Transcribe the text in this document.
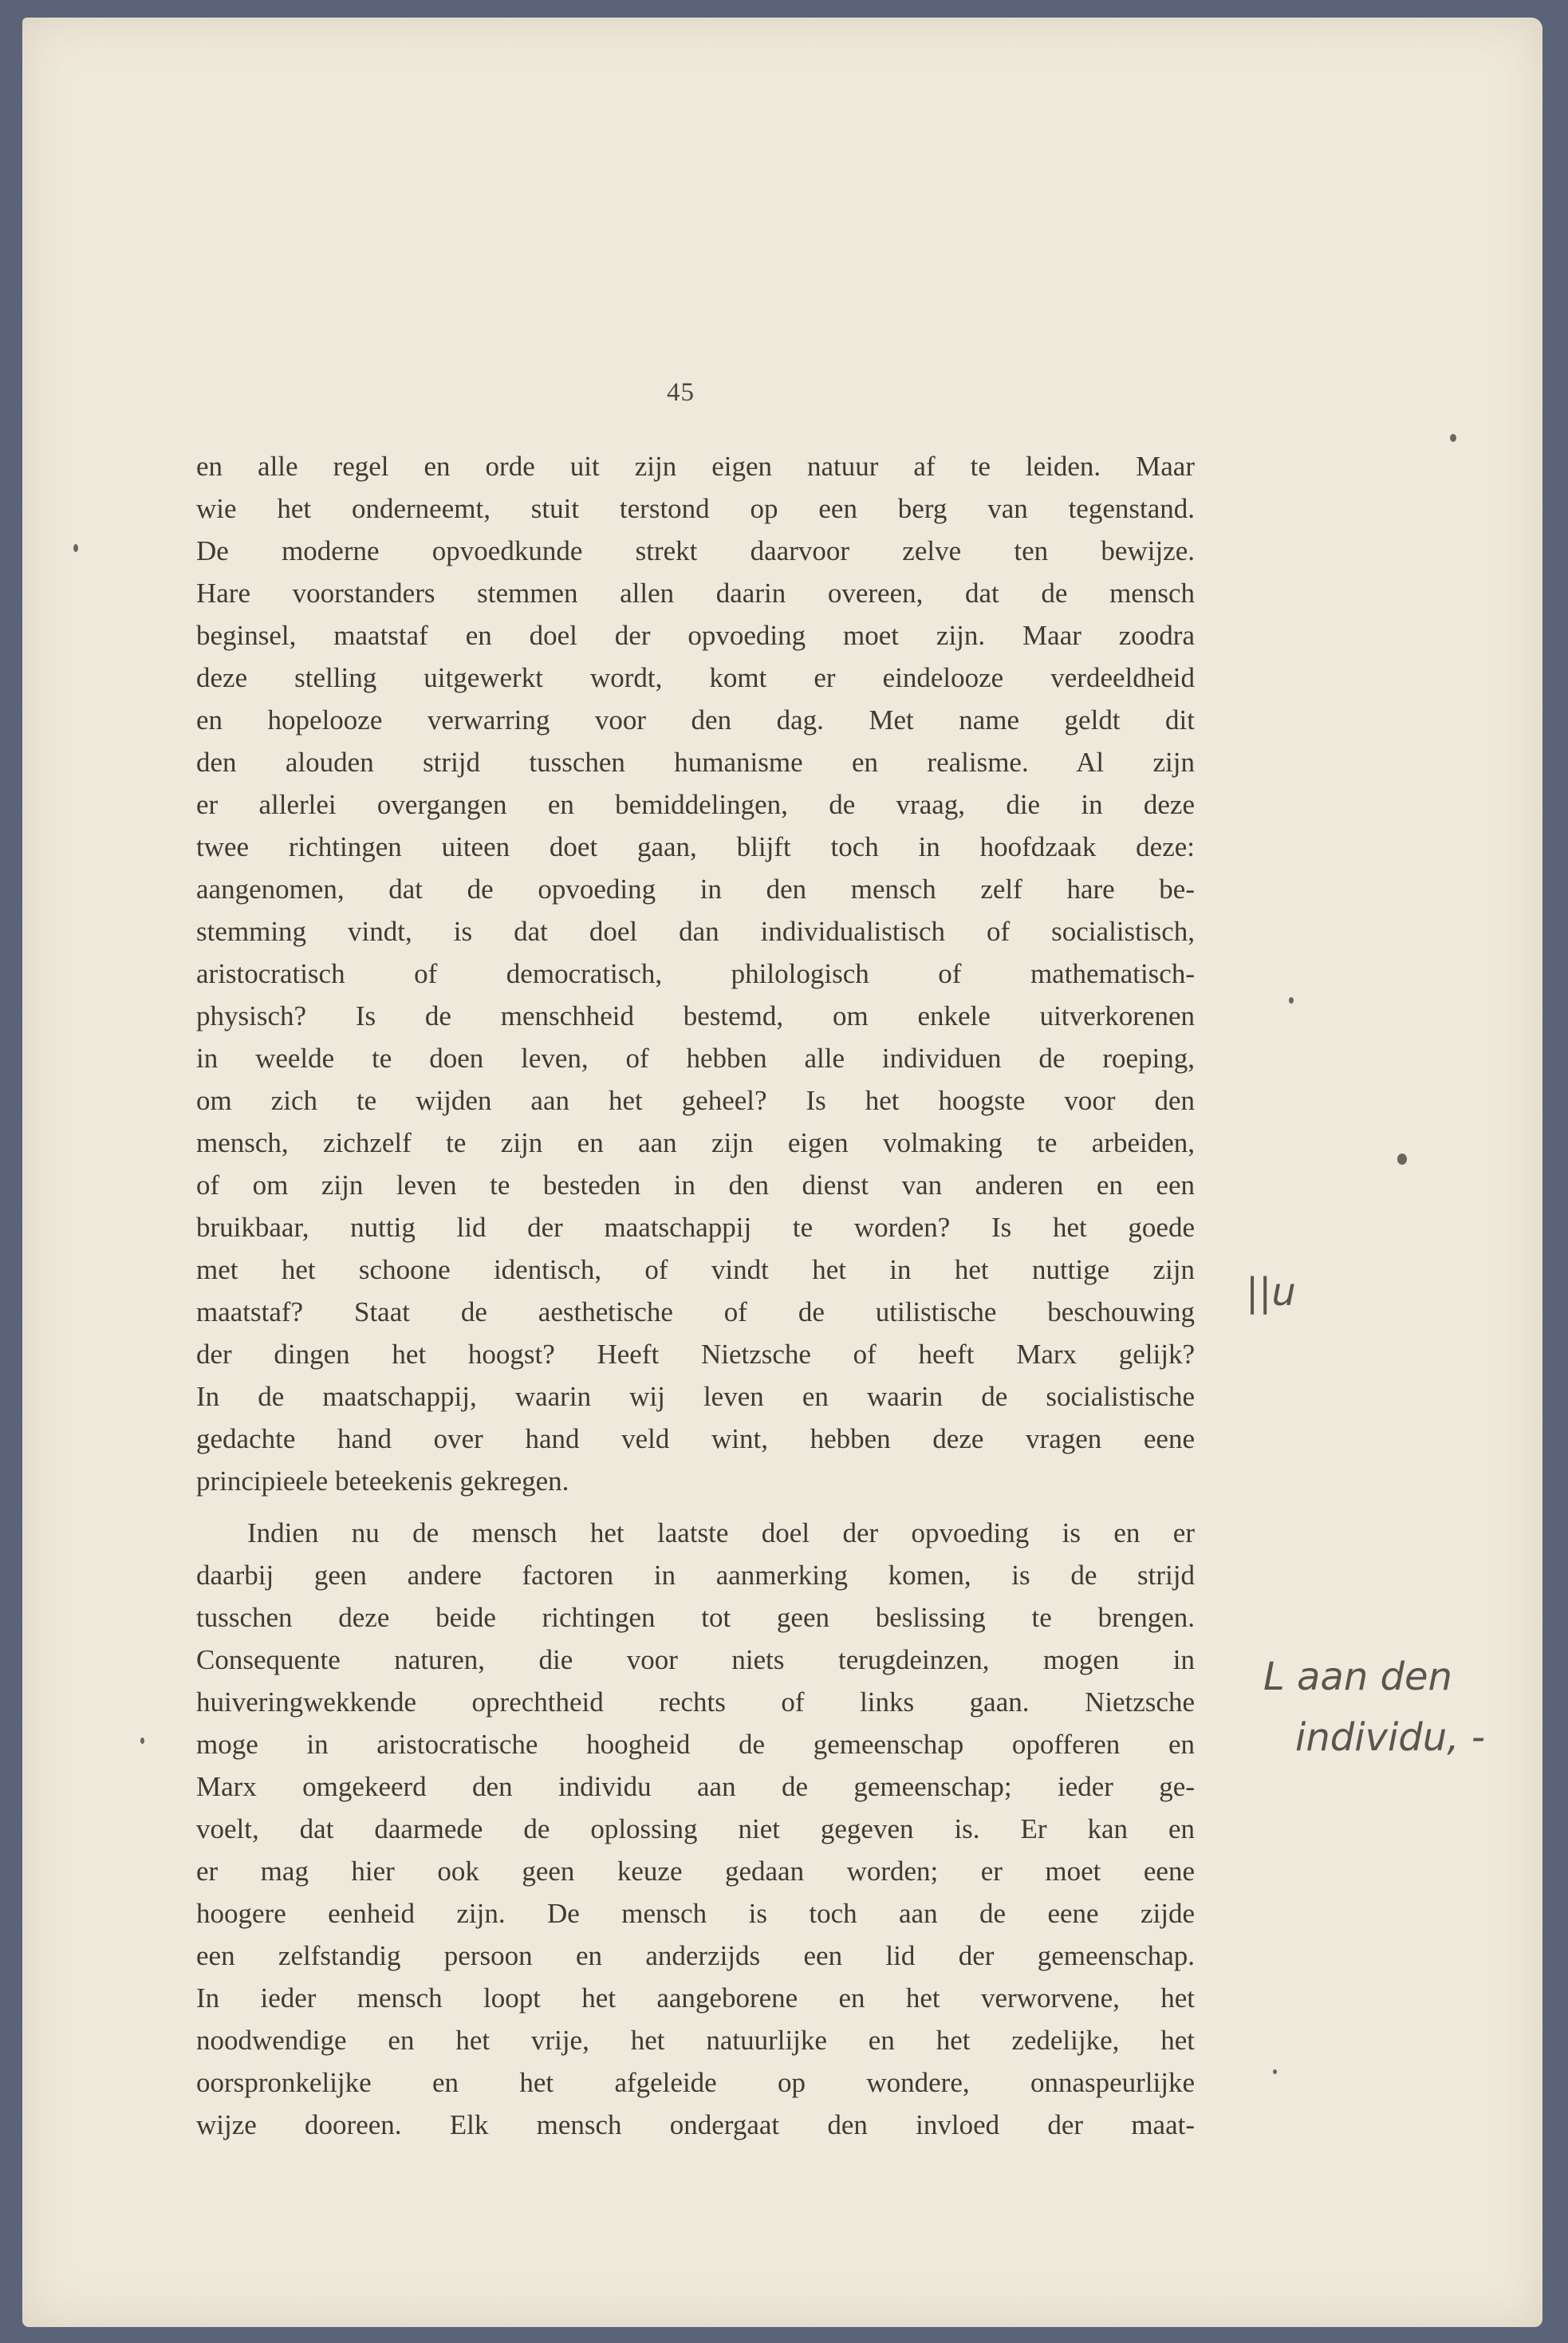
45
en alle regel en orde uit zijn eigen natuur af te leiden. Maar
wie het onderneemt, stuit terstond op een berg van tegenstand.
De moderne opvoedkunde strekt daarvoor zelve ten bewijze.
Hare voorstanders stemmen allen daarin overeen, dat de mensch
beginsel, maatstaf en doel der opvoeding moet zijn. Maar zoodra
deze stelling uitgewerkt wordt, komt er eindelooze verdeeldheid
en hopelooze verwarring voor den dag. Met name geldt dit
den alouden strijd tusschen humanisme en realisme. Al zijn
er allerlei overgangen en bemiddelingen, de vraag, die in deze
twee richtingen uiteen doet gaan, blijft toch in hoofdzaak deze:
aangenomen, dat de opvoeding in den mensch zelf hare be-
stemming vindt, is dat doel dan individualistisch of socialistisch,
aristocratisch of democratisch, philologisch of mathematisch-
physisch? Is de menschheid bestemd, om enkele uitverkorenen
in weelde te doen leven, of hebben alle individuen de roeping,
om zich te wijden aan het geheel? Is het hoogste voor den
mensch, zichzelf te zijn en aan zijn eigen volmaking te arbeiden,
of om zijn leven te besteden in den dienst van anderen en een
bruikbaar, nuttig lid der maatschappij te worden? Is het goede
met het schoone identisch, of vindt het in het nuttige zijn
maatstaf? Staat de aesthetische of de utilistische beschouwing
der dingen het hoogst? Heeft Nietzsche of heeft Marx gelijk?
In de maatschappij, waarin wij leven en waarin de socialistische
gedachte hand over hand veld wint, hebben deze vragen eene
principieele beteekenis gekregen.
Indien nu de mensch het laatste doel der opvoeding is en er
daarbij geen andere factoren in aanmerking komen, is de strijd
tusschen deze beide richtingen tot geen beslissing te brengen.
Consequente naturen, die voor niets terugdeinzen, mogen in
huiveringwekkende oprechtheid rechts of links gaan. Nietzsche
moge in aristocratische hoogheid de gemeenschap opofferen en
Marx omgekeerd den individu aan de gemeenschap; ieder ge-
voelt, dat daarmede de oplossing niet gegeven is. Er kan en
er mag hier ook geen keuze gedaan worden; er moet eene
hoogere eenheid zijn. De mensch is toch aan de eene zijde
een zelfstandig persoon en anderzijds een lid der gemeenschap.
In ieder mensch loopt het aangeborene en het verworvene, het
noodwendige en het vrije, het natuurlijke en het zedelijke, het
oorspronkelijke en het afgeleide op wondere, onnaspeurlijke
wijze dooreen. Elk mensch ondergaat den invloed der maat-
||u
L aan den
individu, -
